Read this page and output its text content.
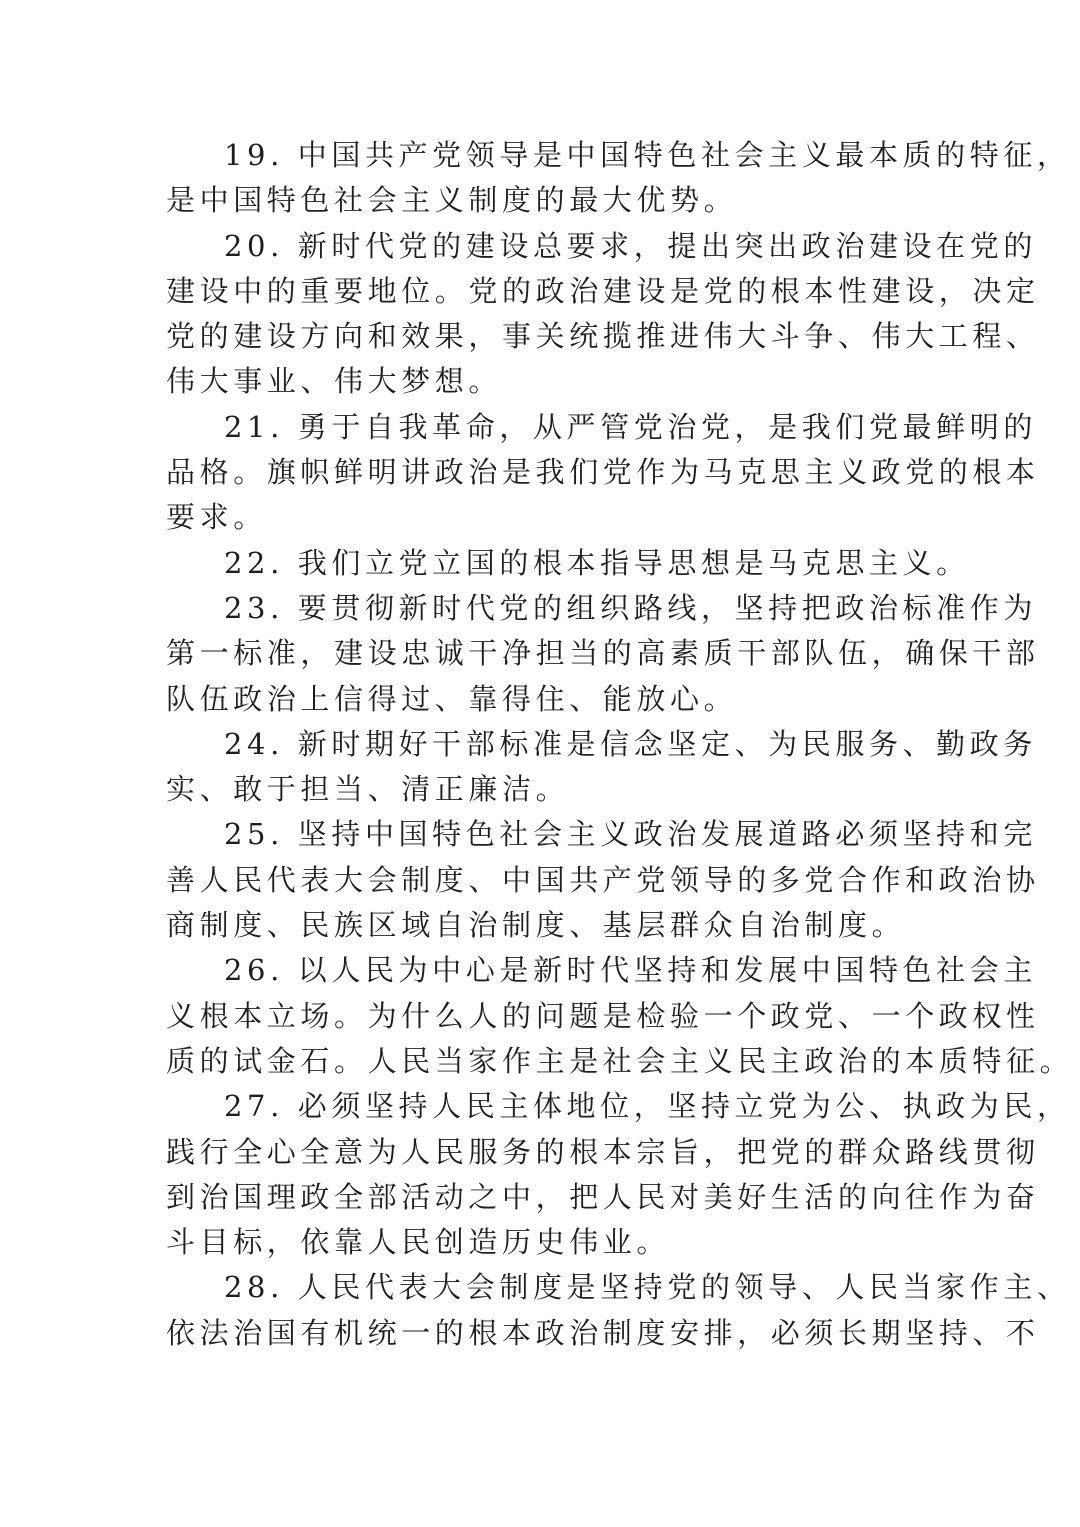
19. 中国共产党领导是中国特色社会主义最本质的特征，
是中国特色社会主义制度的最大优势。
20. 新时代党的建设总要求，提出突出政治建设在党的
建设中的重要地位。党的政治建设是党的根本性建设，决定
党的建设方向和效果，事关统揽推进伟大斗争、伟大工程、
伟大事业、伟大梦想。
21. 勇于自我革命，从严管党治党，是我们党最鲜明的
品格。旗帜鲜明讲政治是我们党作为马克思主义政党的根本
要求。
22. 我们立党立国的根本指导思想是马克思主义。
23. 要贯彻新时代党的组织路线，坚持把政治标准作为
第一标准，建设忠诚干净担当的高素质干部队伍，确保干部
队伍政治上信得过、靠得住、能放心。
24. 新时期好干部标准是信念坚定、为民服务、勤政务
实、敢于担当、清正廉洁。
25. 坚持中国特色社会主义政治发展道路必须坚持和完
善人民代表大会制度、中国共产党领导的多党合作和政治协
商制度、民族区域自治制度、基层群众自治制度。
26. 以人民为中心是新时代坚持和发展中国特色社会主
义根本立场。为什么人的问题是检验一个政党、一个政权性
质的试金石。人民当家作主是社会主义民主政治的本质特征。
27. 必须坚持人民主体地位，坚持立党为公、执政为民，
践行全心全意为人民服务的根本宗旨，把党的群众路线贯彻
到治国理政全部活动之中，把人民对美好生活的向往作为奋
斗目标，依靠人民创造历史伟业。
28. 人民代表大会制度是坚持党的领导、人民当家作主、
依法治国有机统一的根本政治制度安排，必须长期坚持、不
